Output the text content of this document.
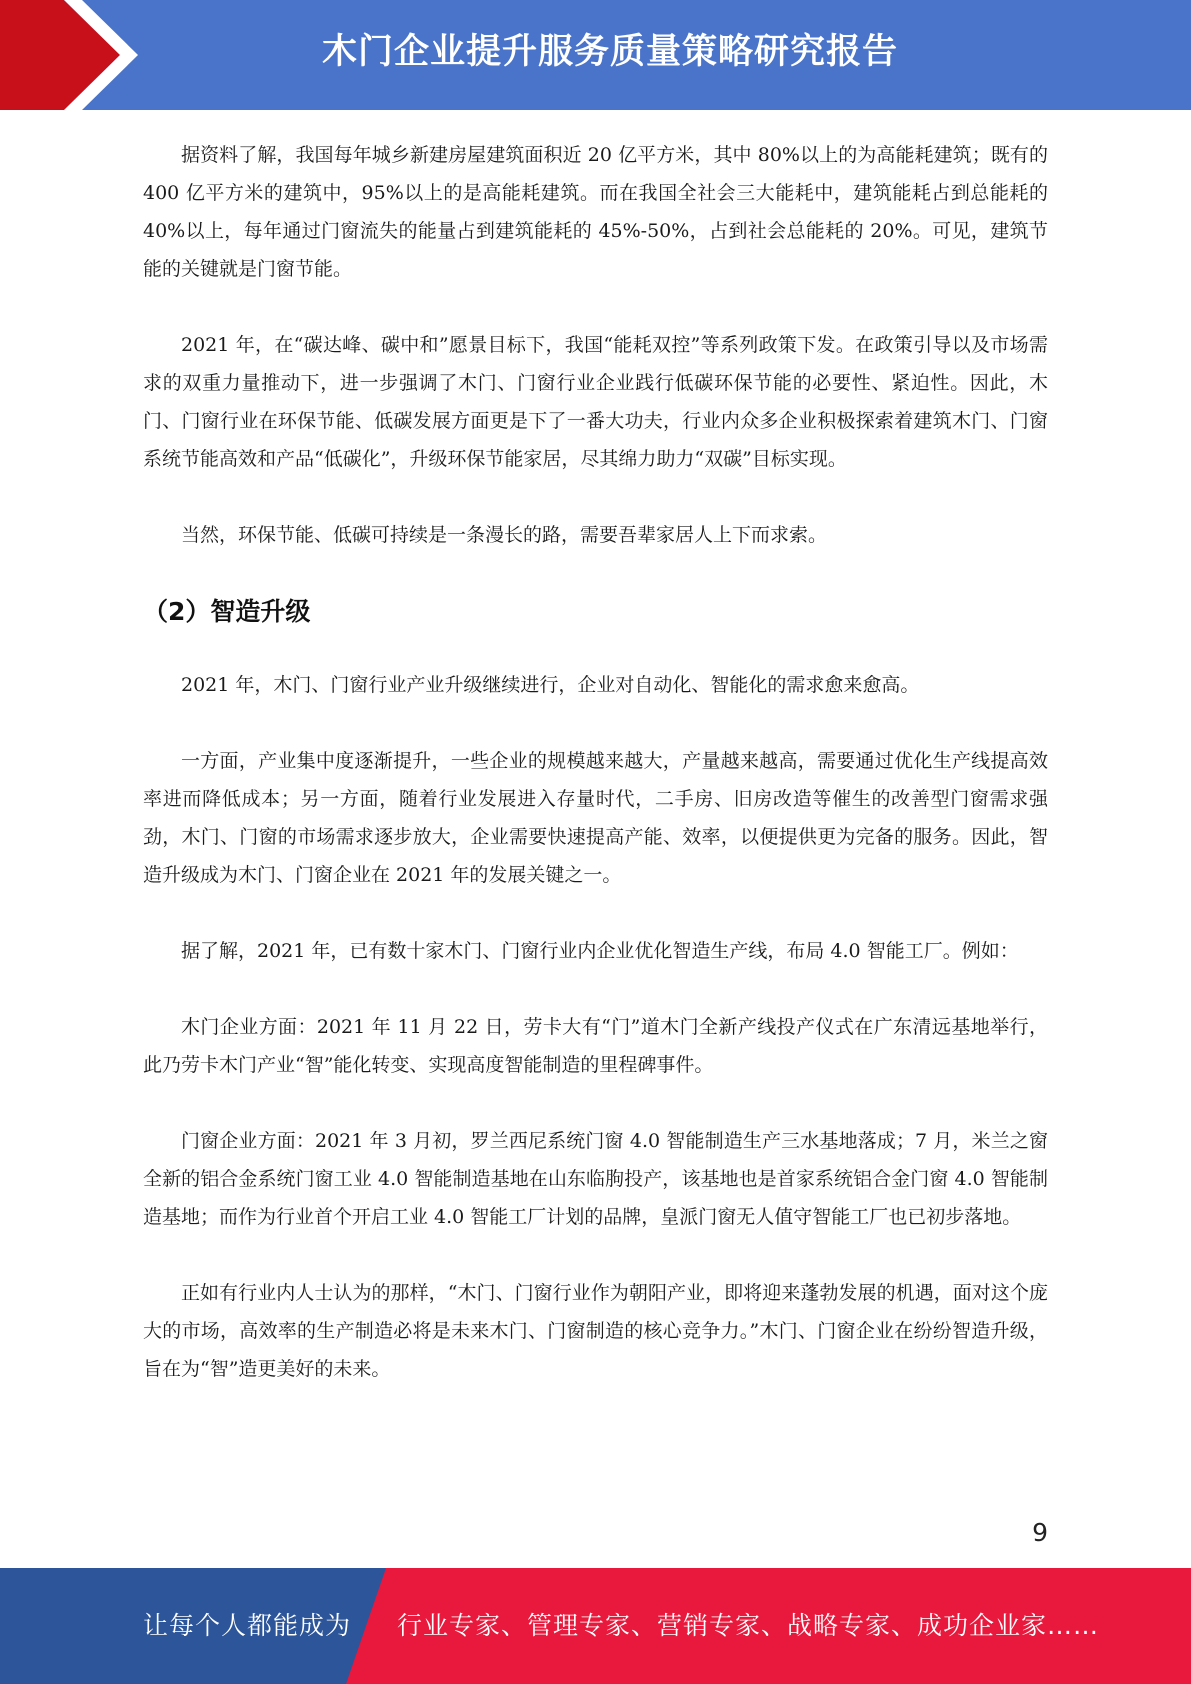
木门企业提升服务质量策略研究报告

据资料了解，我国每年城乡新建房屋建筑面积近 20 亿平方米，其中 80%以上的为高能耗建筑；既有的 400 亿平方米的建筑中，95%以上的是高能耗建筑。而在我国全社会三大能耗中，建筑能耗占到总能耗的 40%以上，每年通过门窗流失的能量占到建筑能耗的 45%-50%，占到社会总能耗的 20%。可见，建筑节能的关键就是门窗节能。

2021 年，在“碳达峰、碳中和”愿景目标下，我国“能耗双控”等系列政策下发。在政策引导以及市场需求的双重力量推动下，进一步强调了木门、门窗行业企业践行低碳环保节能的必要性、紧迫性。因此，木门、门窗行业在环保节能、低碳发展方面更是下了一番大功夫，行业内众多企业积极探索着建筑木门、门窗系统节能高效和产品“低碳化”，升级环保节能家居，尽其绵力助力“双碳”目标实现。

当然，环保节能、低碳可持续是一条漫长的路，需要吾辈家居人上下而求索。

（2）智造升级

2021 年，木门、门窗行业产业升级继续进行，企业对自动化、智能化的需求愈来愈高。

一方面，产业集中度逐渐提升，一些企业的规模越来越大，产量越来越高，需要通过优化生产线提高效率进而降低成本；另一方面，随着行业发展进入存量时代，二手房、旧房改造等催生的改善型门窗需求强劲，木门、门窗的市场需求逐步放大，企业需要快速提高产能、效率，以便提供更为完备的服务。因此，智造升级成为木门、门窗企业在 2021 年的发展关键之一。

据了解，2021 年，已有数十家木门、门窗行业内企业优化智造生产线，布局 4.0 智能工厂。例如：

木门企业方面：2021 年 11 月 22 日，劳卡大有“门”道木门全新产线投产仪式在广东清远基地举行，此乃劳卡木门产业“智”能化转变、实现高度智能制造的里程碑事件。

门窗企业方面：2021 年 3 月初，罗兰西尼系统门窗 4.0 智能制造生产三水基地落成；7 月，米兰之窗全新的铝合金系统门窗工业 4.0 智能制造基地在山东临朐投产，该基地也是首家系统铝合金门窗 4.0 智能制造基地；而作为行业首个开启工业 4.0 智能工厂计划的品牌，皇派门窗无人值守智能工厂也已初步落地。

正如有行业内人士认为的那样，“木门、门窗行业作为朝阳产业，即将迎来蓬勃发展的机遇，面对这个庞大的市场，高效率的生产制造必将是未来木门、门窗制造的核心竞争力。”木门、门窗企业在纷纷智造升级，旨在为“智”造更美好的未来。

9
让每个人都能成为 行业专家、管理专家、营销专家、战略专家、成功企业家……
